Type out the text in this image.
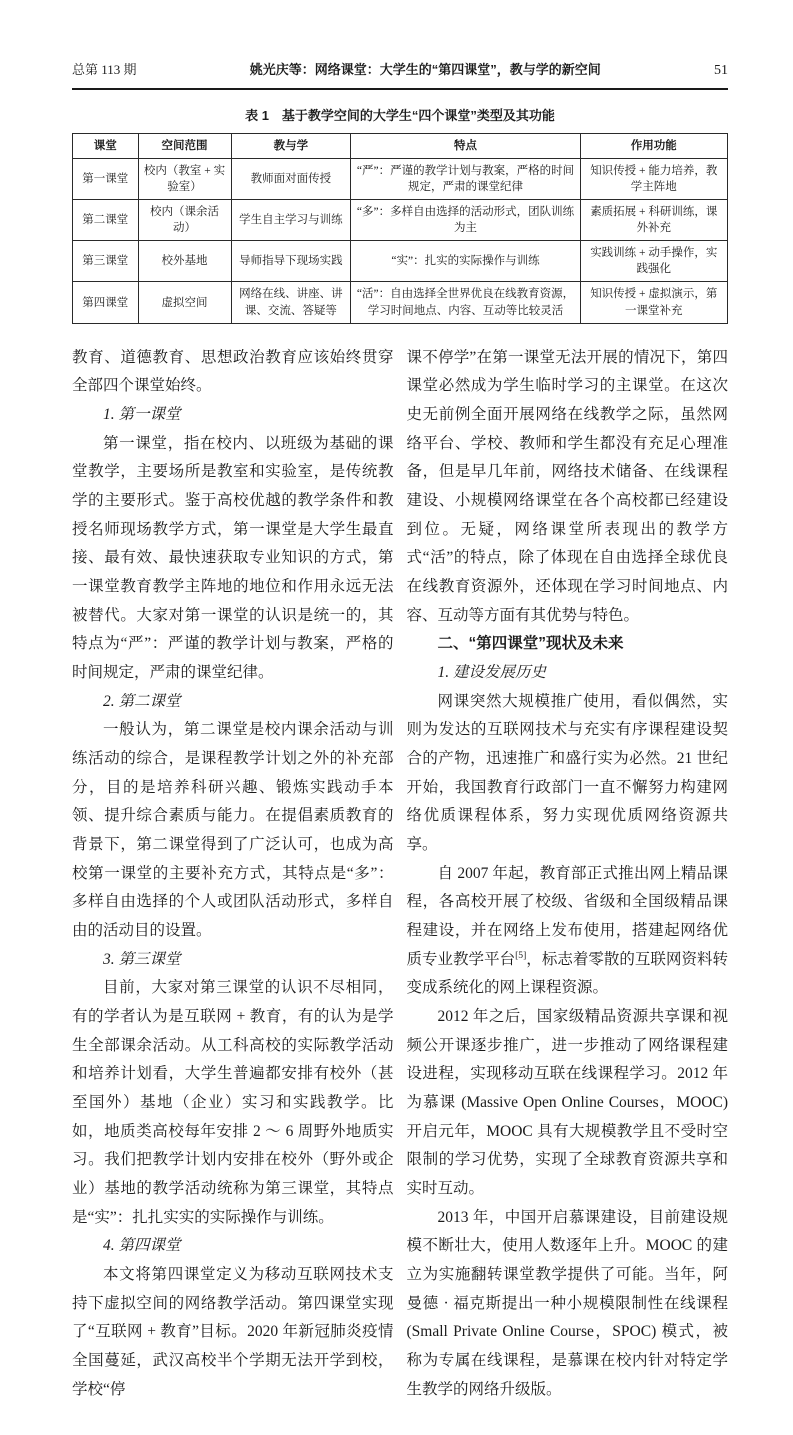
总第 113 期	姚光庆等：网络课堂：大学生的“第四课堂”，教与学的新空间	51
表 1　基于教学空间的大学生“四个课堂”类型及其功能
课堂	空间范围	教与学	特点	作用功能
第一课堂	校内（教室 + 实验室）	教师面对面传授	“严”：严谨的教学计划与教案，严格的时间规定，严肃的课堂纪律	知识传授 + 能力培养，教学主阵地
第二课堂	校内（课余活动）	学生自主学习与训练	“多”：多样自由选择的活动形式，团队训练为主	素质拓展 + 科研训练，课外补充
第三课堂	校外基地	导师指导下现场实践	“实”：扎实的实际操作与训练	实践训练 + 动手操作，实践强化
第四课堂	虚拟空间	网络在线、讲座、讲课、交流、答疑等	“活”：自由选择全世界优良在线教育资源，学习时间地点、内容、互动等比较灵活	知识传授 + 虚拟演示，第一课堂补充

教育、道德教育、思想政治教育应该始终贯穿全部四个课堂始终。

1. 第一课堂

第一课堂，指在校内、以班级为基础的课堂教学，主要场所是教室和实验室，是传统教学的主要形式。鉴于高校优越的教学条件和教授名师现场教学方式，第一课堂是大学生最直接、最有效、最快速获取专业知识的方式，第一课堂教育教学主阵地的地位和作用永远无法被替代。大家对第一课堂的认识是统一的，其特点为“严”：严谨的教学计划与教案，严格的时间规定，严肃的课堂纪律。

2. 第二课堂

一般认为，第二课堂是校内课余活动与训练活动的综合，是课程教学计划之外的补充部分，目的是培养科研兴趣、锻炼实践动手本领、提升综合素质与能力。在提倡素质教育的背景下，第二课堂得到了广泛认可，也成为高校第一课堂的主要补充方式，其特点是“多”：多样自由选择的个人或团队活动形式，多样自由的活动目的设置。

3. 第三课堂

目前，大家对第三课堂的认识不尽相同，有的学者认为是互联网 + 教育，有的认为是学生全部课余活动。从工科高校的实际教学活动和培养计划看，大学生普遍都安排有校外（甚至国外）基地（企业）实习和实践教学。比如，地质类高校每年安排 2 ～ 6 周野外地质实习。我们把教学计划内安排在校外（野外或企业）基地的教学活动统称为第三课堂，其特点是“实”：扎扎实实的实际操作与训练。

4. 第四课堂

本文将第四课堂定义为移动互联网技术支持下虚拟空间的网络教学活动。第四课堂实现了“互联网 + 教育”目标。2020 年新冠肺炎疫情全国蔓延，武汉高校半个学期无法开学到校，学校“停

课不停学”在第一课堂无法开展的情况下，第四课堂必然成为学生临时学习的主课堂。在这次史无前例全面开展网络在线教学之际，虽然网络平台、学校、教师和学生都没有充足心理准备，但是早几年前，网络技术储备、在线课程建设、小规模网络课堂在各个高校都已经建设到位。无疑，网络课堂所表现出的教学方式“活”的特点，除了体现在自由选择全球优良在线教育资源外，还体现在学习时间地点、内容、互动等方面有其优势与特色。

二、“第四课堂”现状及未来

1. 建设发展历史

网课突然大规模推广使用，看似偶然，实则为发达的互联网技术与充实有序课程建设契合的产物，迅速推广和盛行实为必然。21 世纪开始，我国教育行政部门一直不懈努力构建网络优质课程体系，努力实现优质网络资源共享。

自 2007 年起，教育部正式推出网上精品课程，各高校开展了校级、省级和全国级精品课程建设，并在网络上发布使用，搭建起网络优质专业教学平台[5]，标志着零散的互联网资料转变成系统化的网上课程资源。

2012 年之后，国家级精品资源共享课和视频公开课逐步推广，进一步推动了网络课程建设进程，实现移动互联在线课程学习。2012 年为慕课 (Massive Open Online Courses，MOOC) 开启元年，MOOC 具有大规模教学且不受时空限制的学习优势，实现了全球教育资源共享和实时互动。

2013 年，中国开启慕课建设，目前建设规模不断壮大，使用人数逐年上升。MOOC 的建立为实施翻转课堂教学提供了可能。当年，阿曼德 · 福克斯提出一种小规模限制性在线课程 (Small Private Online Course，SPOC) 模式，被称为专属在线课程，是慕课在校内针对特定学生教学的网络升级版。
